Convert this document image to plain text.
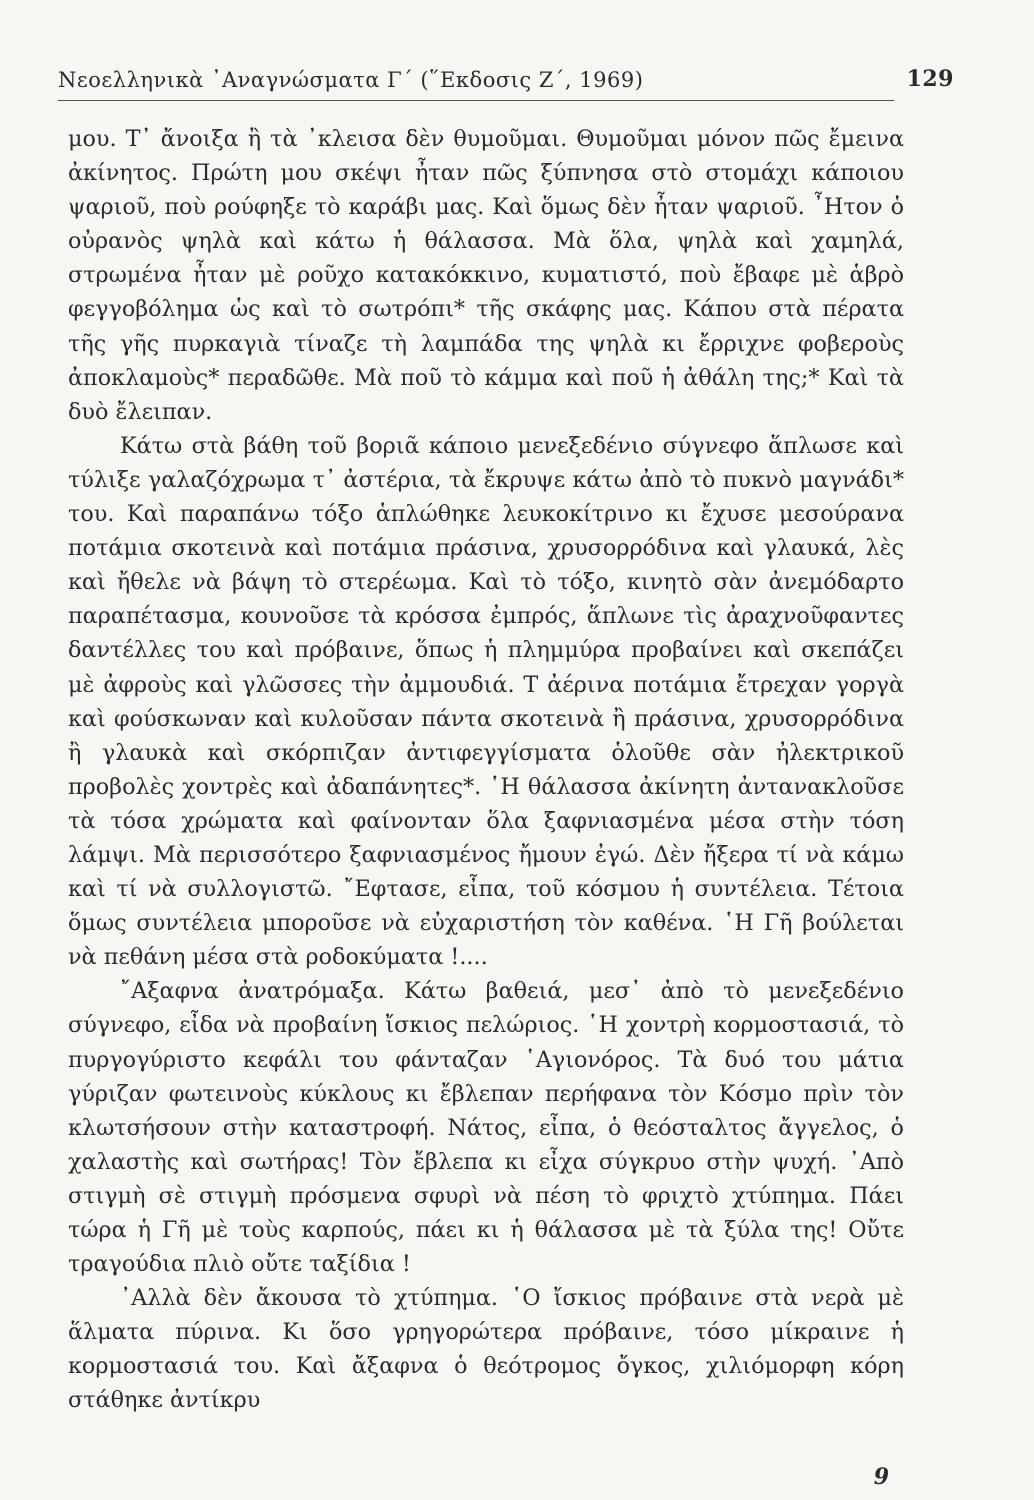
Νεοελληνικὰ ᾿Αναγνώσματα Γ΄ (῞Εκδοσις Ζ΄, 1969)	129

μου. Τ᾿ ἄνοιξα ἢ τὰ ᾿κλεισα δὲν θυμοῦμαι. Θυμοῦμαι μόνον πῶς ἔμεινα ἀκίνητος. Πρώτη μου σκέψι ἦταν πῶς ξύπνησα στὸ στομάχι κάποιου ψαριοῦ, ποὺ ρούφηξε τὸ καράβι μας. Καὶ ὅμως δὲν ἦταν ψαριοῦ. ῏Ητον ὁ οὐρανὸς ψηλὰ καὶ κάτω ἡ θάλασσα. Μὰ ὅλα, ψηλὰ καὶ χαμηλά, στρωμένα ἦταν μὲ ροῦχο κατακόκκινο, κυματιστό, ποὺ ἔβαφε μὲ ἁβρὸ φεγγοβόλημα ὡς καὶ τὸ σωτρόπι* τῆς σκάφης μας. Κάπου στὰ πέρατα τῆς γῆς πυρκαγιὰ τίναζε τὴ λαμπάδα της ψηλὰ κι ἔρριχνε φοβεροὺς ἀποκλαμοὺς* περαδῶθε. Μὰ ποῦ τὸ κάμμα καὶ ποῦ ἡ ἀθάλη της;* Καὶ τὰ δυὸ ἔλειπαν.

Κάτω στὰ βάθη τοῦ βοριᾶ κάποιο μενεξεδένιο σύγνεφο ἅπλωσε καὶ τύλιξε γαλαζόχρωμα τ᾿ ἀστέρια, τὰ ἔκρυψε κάτω ἀπὸ τὸ πυκνὸ μαγνάδι* του. Καὶ παραπάνω τόξο ἁπλώθηκε λευκοκίτρινο κι ἔχυσε μεσούρανα ποτάμια σκοτεινὰ καὶ ποτάμια πράσινα, χρυσορρόδινα καὶ γλαυκά, λὲς καὶ ἤθελε νὰ βάψη τὸ στερέωμα. Καὶ τὸ τόξο, κινητὸ σὰν ἀνεμόδαρτο παραπέτασμα, κουνοῦσε τὰ κρόσσα ἐμπρός, ἅπλωνε τὶς ἀραχνοῦφαντες δαντέλλες του καὶ πρόβαινε, ὅπως ἡ πλημμύρα προβαίνει καὶ σκεπάζει μὲ ἀφροὺς καὶ γλῶσσες τὴν ἀμμουδιά. Τ ἀέρινα ποτάμια ἔτρεχαν γοργὰ καὶ φούσκωναν καὶ κυλοῦσαν πάντα σκοτεινὰ ἢ πράσινα, χρυσορρόδινα ἢ γλαυκὰ καὶ σκόρπιζαν ἀντιφεγγίσματα ὁλοῦθε σὰν ἠλεκτρικοῦ προβολὲς χοντρὲς καὶ ἀδαπάνητες*. ῾Η θάλασσα ἀκίνητη ἀντανακλοῦσε τὰ τόσα χρώματα καὶ φαίνονταν ὅλα ξαφνιασμένα μέσα στὴν τόση λάμψι. Μὰ περισσότερο ξαφνιασμένος ἤμουν ἐγώ. Δὲν ἤξερα τί νὰ κάμω καὶ τί νὰ συλλογιστῶ. ῎Εφτασε, εἶπα, τοῦ κόσμου ἡ συντέλεια. Τέτοια ὅμως συντέλεια μποροῦσε νὰ εὐχαριστήση τὸν καθένα. ῾Η Γῆ βούλεται νὰ πεθάνη μέσα στὰ ροδοκύματα !....

῎Αξαφνα ἀνατρόμαξα. Κάτω βαθειά, μεσ᾿ ἀπὸ τὸ μενεξεδένιο σύγνεφο, εἶδα νὰ προβαίνη ἴσκιος πελώριος. ῾Η χοντρὴ κορμοστασιά, τὸ πυργογύριστο κεφάλι του φάνταζαν ῾Αγιονόρος. Τὰ δυό του μάτια γύριζαν φωτεινοὺς κύκλους κι ἔβλεπαν περήφανα τὸν Κόσμο πρὶν τὸν κλωτσήσουν στὴν καταστροφή. Νάτος, εἶπα, ὁ θεόσταλτος ἄγγελος, ὁ χαλαστὴς καὶ σωτήρας! Τὸν ἔβλεπα κι εἶχα σύγκρυο στὴν ψυχή. ᾿Απὸ στιγμὴ σὲ στιγμὴ πρόσμενα σφυρὶ νὰ πέση τὸ φριχτὸ χτύπημα. Πάει τώρα ἡ Γῆ μὲ τοὺς καρπούς, πάει κι ἡ θάλασσα μὲ τὰ ξύλα της! Οὔτε τραγούδια πλιὸ οὔτε ταξίδια !

᾿Αλλὰ δὲν ἄκουσα τὸ χτύπημα. ῾Ο ἴσκιος πρόβαινε στὰ νερὰ μὲ ἅλματα πύρινα. Κι ὅσο γρηγορώτερα πρόβαινε, τόσο μίκραινε ἡ κορμοστασιά του. Καὶ ἄξαφνα ὁ θεότρομος ὄγκος, χιλιόμορφη κόρη στάθηκε ἀντίκρυ

9
